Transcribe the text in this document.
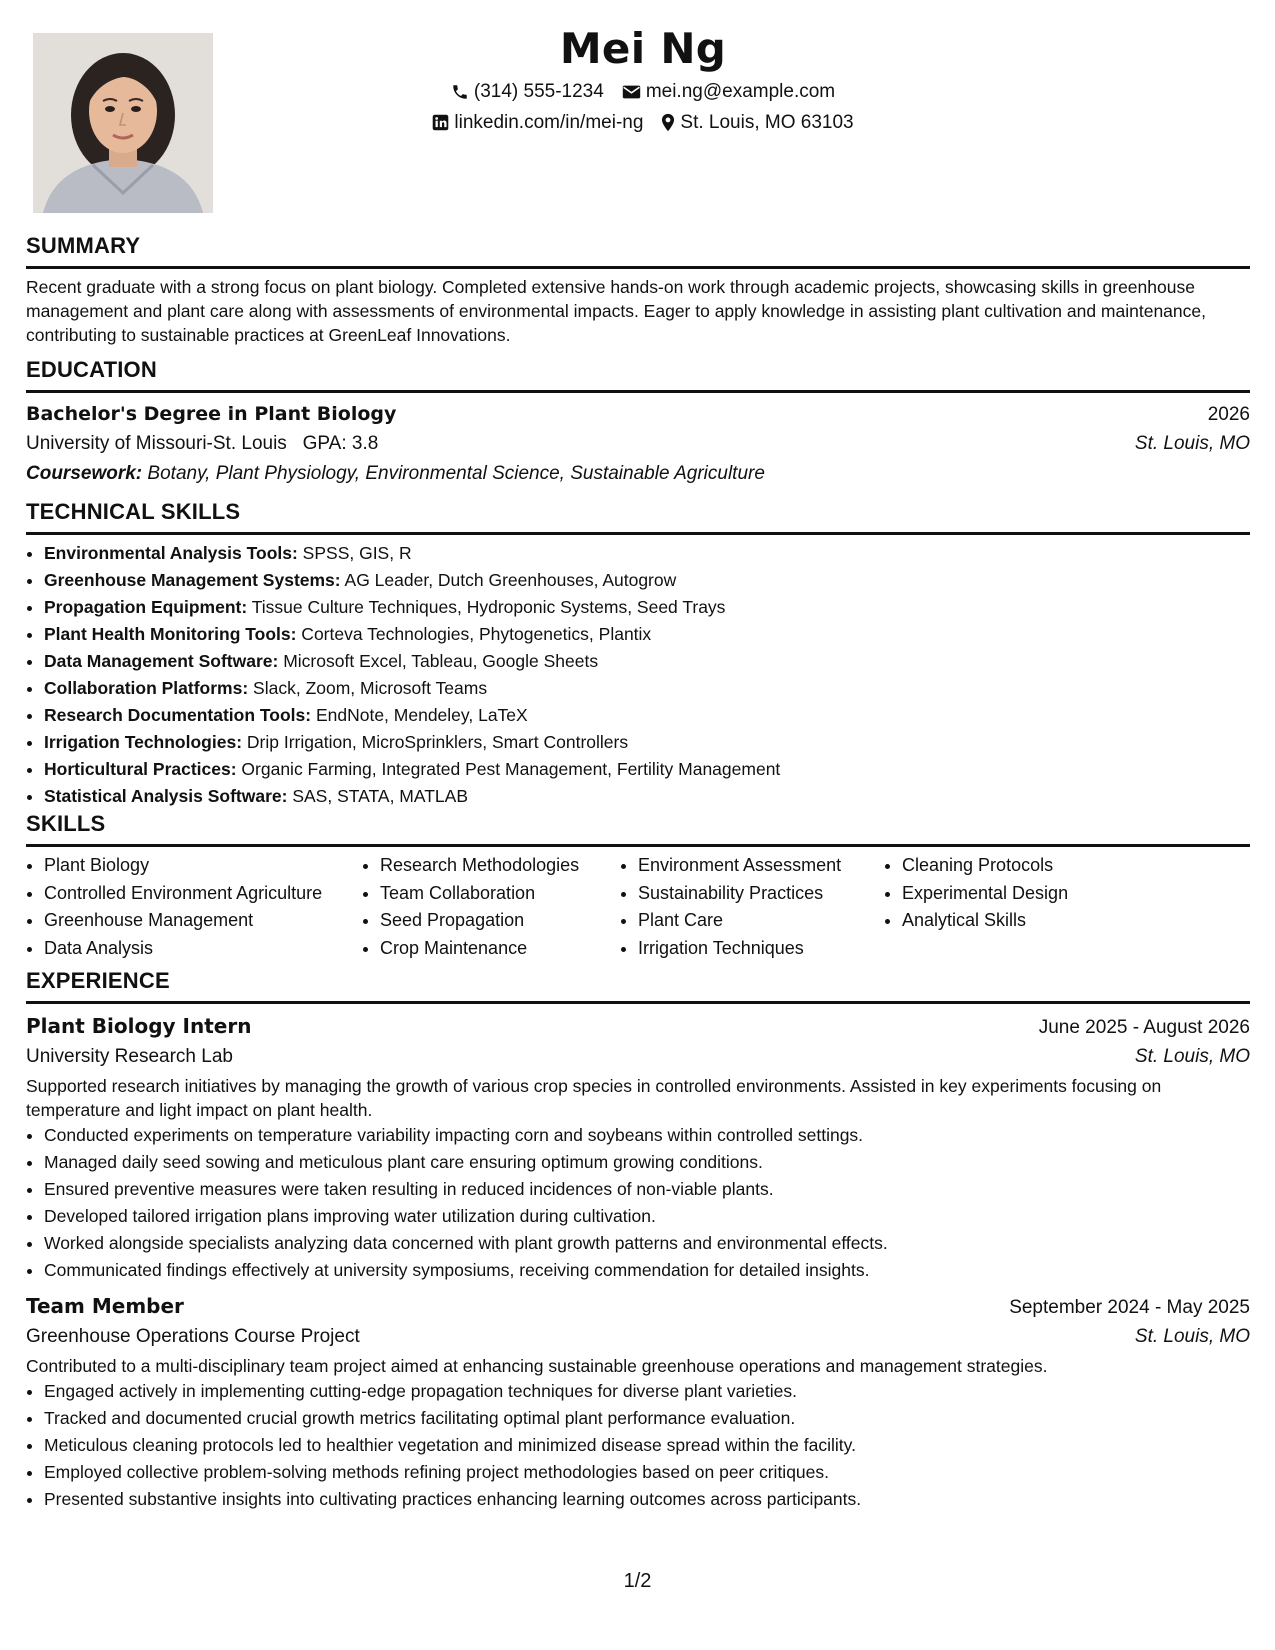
Mei Ng
(314) 555-1234 mei.ng@example.com
linkedin.com/in/mei-ng St. Louis, MO 63103
SUMMARY
Recent graduate with a strong focus on plant biology. Completed extensive hands-on work through academic projects, showcasing skills in greenhouse management and plant care along with assessments of environmental impacts. Eager to apply knowledge in assisting plant cultivation and maintenance, contributing to sustainable practices at GreenLeaf Innovations.
EDUCATION
Bachelor's Degree in Plant Biology	2026
University of Missouri-St. Louis   GPA: 3.8	St. Louis, MO
Coursework: Botany, Plant Physiology, Environmental Science, Sustainable Agriculture
TECHNICAL SKILLS
• Environmental Analysis Tools: SPSS, GIS, R
• Greenhouse Management Systems: AG Leader, Dutch Greenhouses, Autogrow
• Propagation Equipment: Tissue Culture Techniques, Hydroponic Systems, Seed Trays
• Plant Health Monitoring Tools: Corteva Technologies, Phytogenetics, Plantix
• Data Management Software: Microsoft Excel, Tableau, Google Sheets
• Collaboration Platforms: Slack, Zoom, Microsoft Teams
• Research Documentation Tools: EndNote, Mendeley, LaTeX
• Irrigation Technologies: Drip Irrigation, MicroSprinklers, Smart Controllers
• Horticultural Practices: Organic Farming, Integrated Pest Management, Fertility Management
• Statistical Analysis Software: SAS, STATA, MATLAB
SKILLS
• Plant Biology
• Controlled Environment Agriculture
• Greenhouse Management
• Data Analysis
• Research Methodologies
• Team Collaboration
• Seed Propagation
• Crop Maintenance
• Environment Assessment
• Sustainability Practices
• Plant Care
• Irrigation Techniques
• Cleaning Protocols
• Experimental Design
• Analytical Skills
EXPERIENCE
Plant Biology Intern	June 2025 - August 2026
University Research Lab	St. Louis, MO
Supported research initiatives by managing the growth of various crop species in controlled environments. Assisted in key experiments focusing on temperature and light impact on plant health.
• Conducted experiments on temperature variability impacting corn and soybeans within controlled settings.
• Managed daily seed sowing and meticulous plant care ensuring optimum growing conditions.
• Ensured preventive measures were taken resulting in reduced incidences of non-viable plants.
• Developed tailored irrigation plans improving water utilization during cultivation.
• Worked alongside specialists analyzing data concerned with plant growth patterns and environmental effects.
• Communicated findings effectively at university symposiums, receiving commendation for detailed insights.
Team Member	September 2024 - May 2025
Greenhouse Operations Course Project	St. Louis, MO
Contributed to a multi-disciplinary team project aimed at enhancing sustainable greenhouse operations and management strategies.
• Engaged actively in implementing cutting-edge propagation techniques for diverse plant varieties.
• Tracked and documented crucial growth metrics facilitating optimal plant performance evaluation.
• Meticulous cleaning protocols led to healthier vegetation and minimized disease spread within the facility.
• Employed collective problem-solving methods refining project methodologies based on peer critiques.
• Presented substantive insights into cultivating practices enhancing learning outcomes across participants.
1/2
